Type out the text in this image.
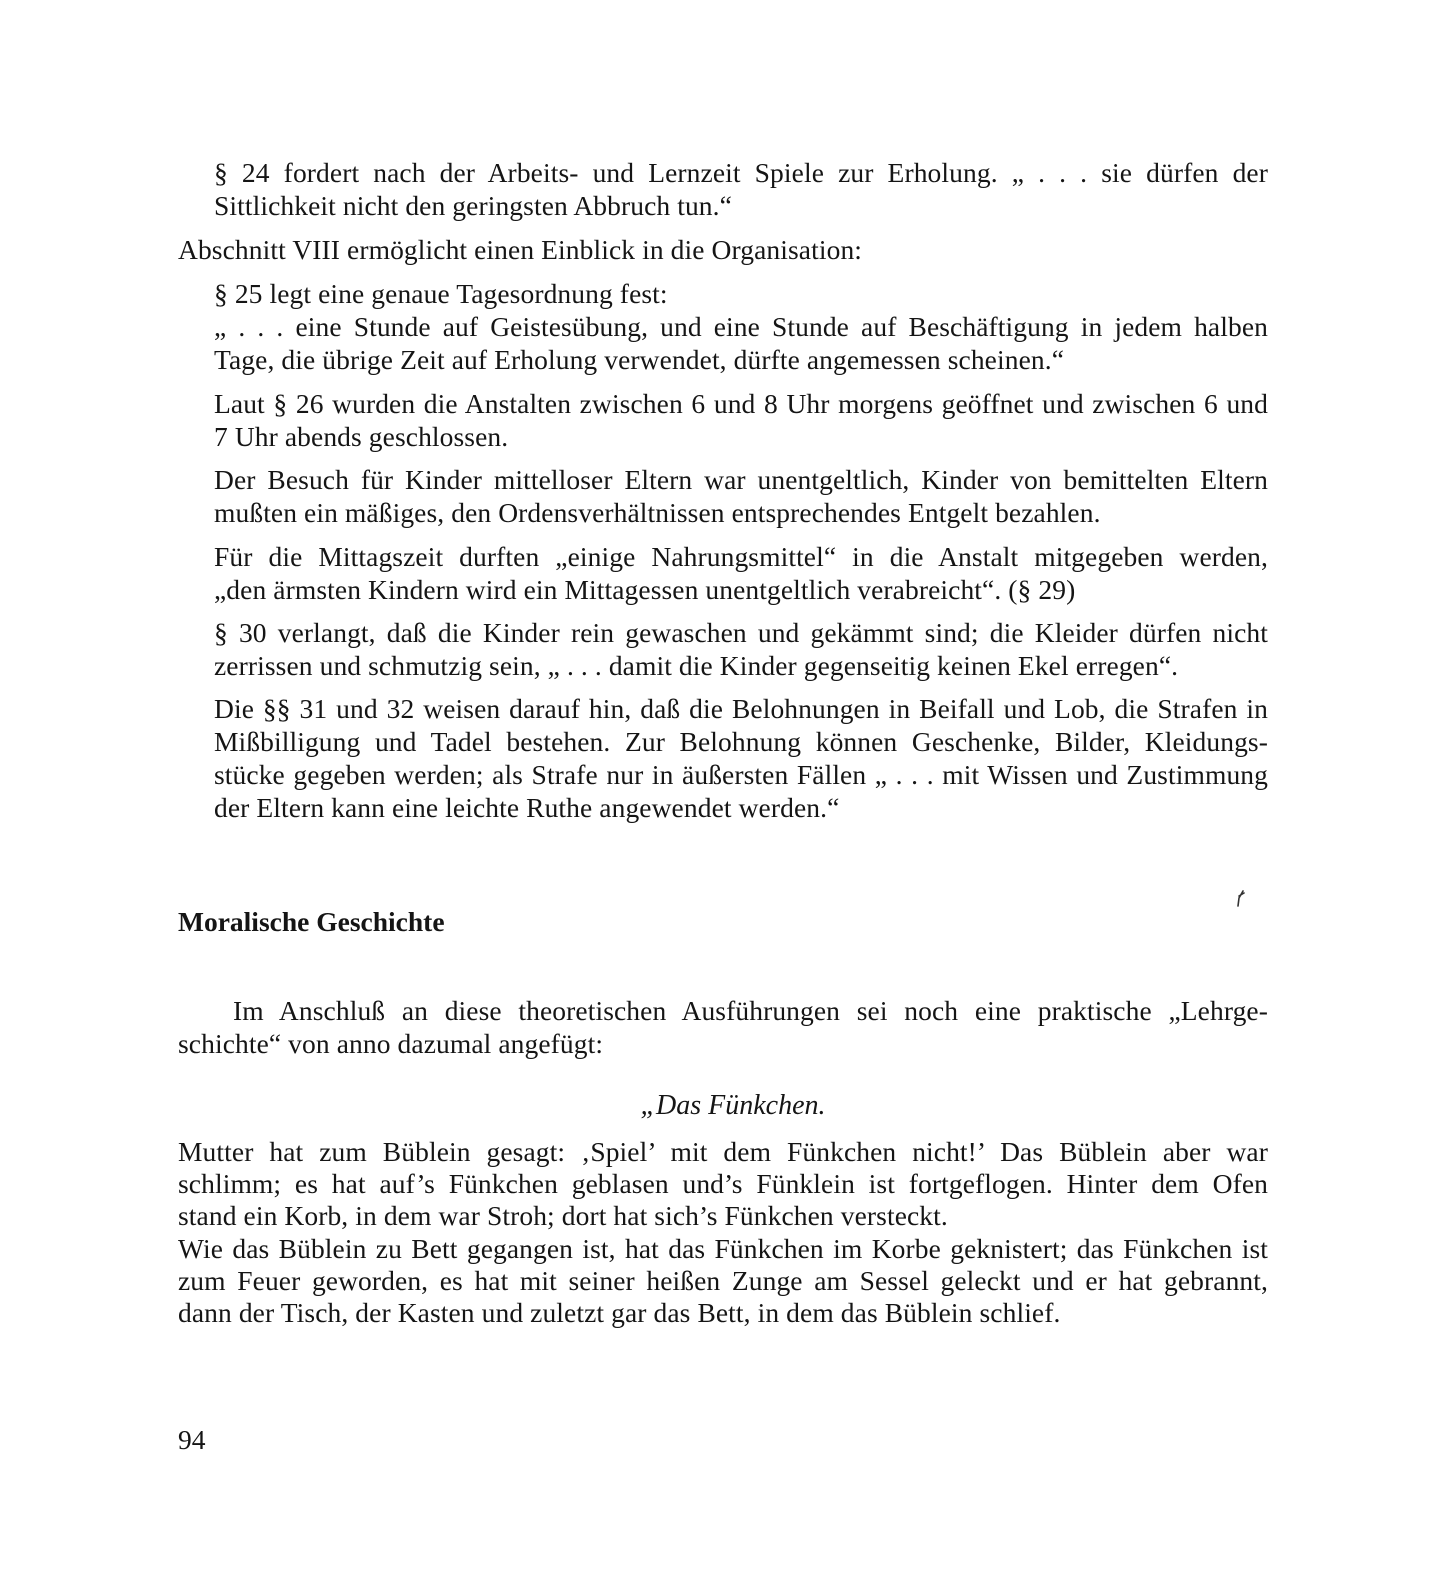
§ 24 fordert nach der Arbeits- und Lernzeit Spiele zur Erholung. „ . . . sie dürfen der
Sittlichkeit nicht den geringsten Abbruch tun.“
Abschnitt VIII ermöglicht einen Einblick in die Organisation:
§ 25 legt eine genaue Tagesordnung fest:
„ . . . eine Stunde auf Geistesübung, und eine Stunde auf Beschäftigung in jedem halben
Tage, die übrige Zeit auf Erholung verwendet, dürfte angemessen scheinen.“
Laut § 26 wurden die Anstalten zwischen 6 und 8 Uhr morgens geöffnet und zwischen 6 und
7 Uhr abends geschlossen.
Der Besuch für Kinder mittelloser Eltern war unentgeltlich, Kinder von bemittelten Eltern
mußten ein mäßiges, den Ordensverhältnissen entsprechendes Entgelt bezahlen.
Für die Mittagszeit durften „einige Nahrungsmittel“ in die Anstalt mitgegeben werden,
„den ärmsten Kindern wird ein Mittagessen unentgeltlich verabreicht“. (§ 29)
§ 30 verlangt, daß die Kinder rein gewaschen und gekämmt sind; die Kleider dürfen nicht
zerrissen und schmutzig sein, „ . . . damit die Kinder gegenseitig keinen Ekel erregen“.
Die §§ 31 und 32 weisen darauf hin, daß die Belohnungen in Beifall und Lob, die Strafen in
Mißbilligung und Tadel bestehen. Zur Belohnung können Geschenke, Bilder, Kleidungs-
stücke gegeben werden; als Strafe nur in äußersten Fällen „ . . . mit Wissen und Zustimmung
der Eltern kann eine leichte Ruthe angewendet werden.“
Moralische Geschichte
Im Anschluß an diese theoretischen Ausführungen sei noch eine praktische „Lehrge-
schichte“ von anno dazumal angefügt:
„Das Fünkchen.
Mutter hat zum Büblein gesagt: ‚Spiel’ mit dem Fünkchen nicht!’ Das Büblein aber war
schlimm; es hat auf’s Fünkchen geblasen und’s Fünklein ist fortgeflogen. Hinter dem Ofen
stand ein Korb, in dem war Stroh; dort hat sich’s Fünkchen versteckt.
Wie das Büblein zu Bett gegangen ist, hat das Fünkchen im Korbe geknistert; das Fünkchen ist
zum Feuer geworden, es hat mit seiner heißen Zunge am Sessel geleckt und er hat gebrannt,
dann der Tisch, der Kasten und zuletzt gar das Bett, in dem das Büblein schlief.
94
